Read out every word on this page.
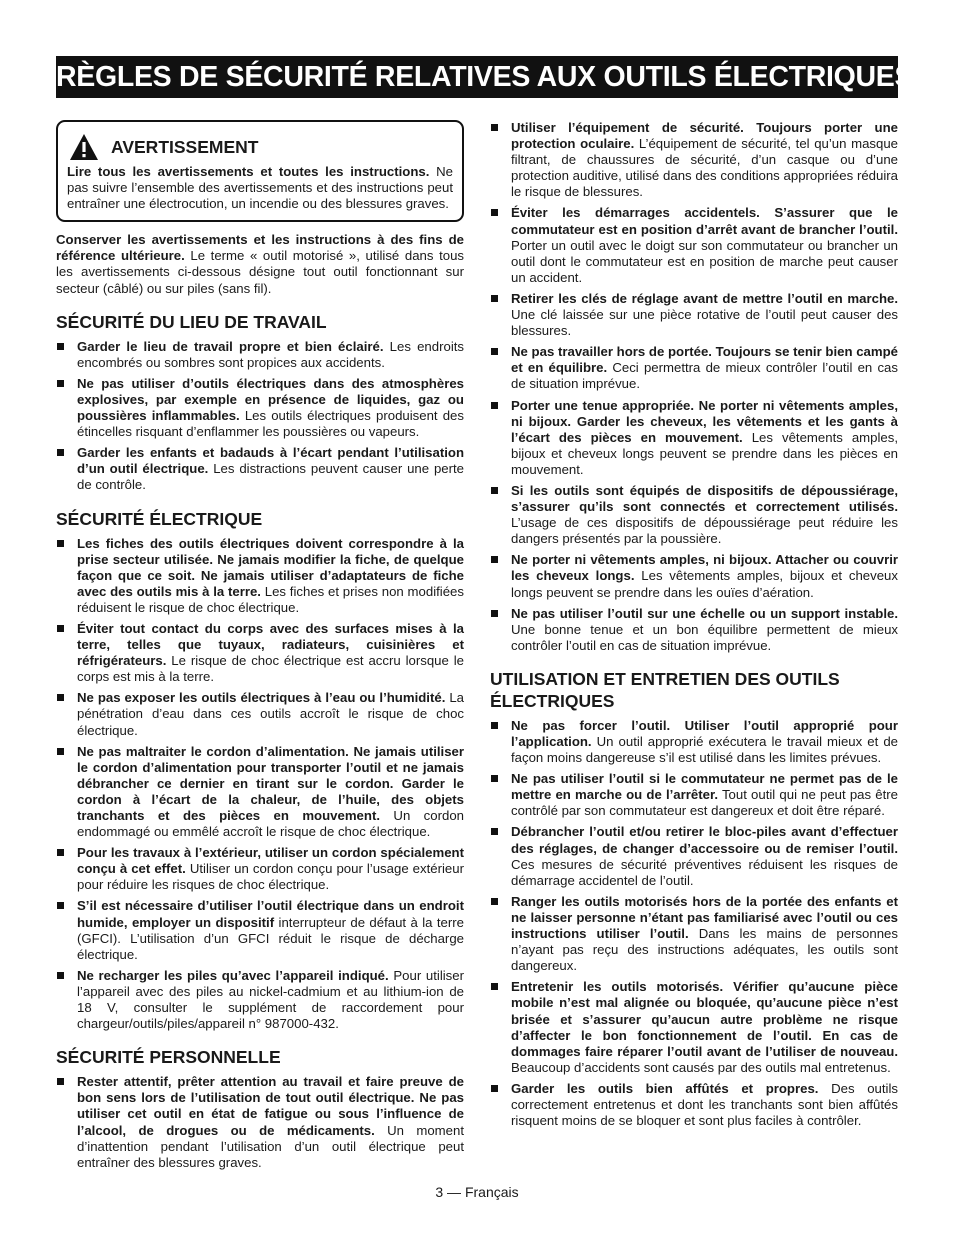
RÈGLES DE SÉCURITÉ RELATIVES AUX OUTILS ÉLECTRIQUES
AVERTISSEMENT

Lire tous les avertissements et toutes les instructions. Ne pas suivre l’ensemble des avertissements et des instructions peut entraîner une électrocution, un incendie ou des blessures graves.

Conserver les avertissements et les instructions à des fins de référence ultérieure. Le terme « outil motorisé », utilisé dans tous les avertissements ci-dessous désigne tout outil fonctionnant sur secteur (câblé) ou sur piles (sans fil).

SÉCURITÉ DU LIEU DE TRAVAIL
Garder le lieu de travail propre et bien éclairé. Les endroits encombrés ou sombres sont propices aux accidents.
Ne pas utiliser d’outils électriques dans des atmosphères explosives, par exemple en présence de liquides, gaz ou poussières inflammables. Les outils électriques produisent des étincelles risquant d’enflammer les poussières ou vapeurs.
Garder les enfants et badauds à l’écart pendant l’utilisation d’un outil électrique. Les distractions peuvent causer une perte de contrôle.
SÉCURITÉ ÉLECTRIQUE
Les fiches des outils électriques doivent correspondre à la prise secteur utilisée. Ne jamais modifier la fiche, de quelque façon que ce soit. Ne jamais utiliser d’adaptateurs de fiche avec des outils mis à la terre. Les fiches et prises non modifiées réduisent le risque de choc électrique.
Éviter tout contact du corps avec des surfaces mises à la terre, telles que tuyaux, radiateurs, cuisinières et réfrigérateurs. Le risque de choc électrique est accru lorsque le corps est mis à la terre.
Ne pas exposer les outils électriques à l’eau ou l’humidité. La pénétration d’eau dans ces outils accroît le risque de choc électrique.
Ne pas maltraiter le cordon d’alimentation. Ne jamais utiliser le cordon d’alimentation pour transporter l’outil et ne jamais débrancher ce dernier en tirant sur le cordon. Garder le cordon à l’écart de la chaleur, de l’huile, des objets tranchants et des pièces en mouvement. Un cordon endommagé ou emmêlé accroît le risque de choc électrique.
Pour les travaux à l’extérieur, utiliser un cordon spécialement conçu à cet effet. Utiliser un cordon conçu pour l’usage extérieur pour réduire les risques de choc électrique.
S’il est nécessaire d’utiliser l’outil électrique dans un endroit humide, employer un dispositif interrupteur de défaut à la terre (GFCI). L’utilisation d’un GFCI réduit le risque de décharge électrique.
Ne recharger les piles qu’avec l’appareil indiqué. Pour utiliser l’appareil avec des piles au nickel-cadmium et au lithium-ion de 18 V, consulter le supplément de raccordement pour chargeur/outils/piles/appareil n° 987000-432.
SÉCURITÉ PERSONNELLE
Rester attentif, prêter attention au travail et faire preuve de bon sens lors de l’utilisation de tout outil électrique. Ne pas utiliser cet outil en état de fatigue ou sous l’influence de l’alcool, de drogues ou de médicaments. Un moment d’inattention pendant l’utilisation d’un outil électrique peut entraîner des blessures graves.
Utiliser l’équipement de sécurité. Toujours porter une protection oculaire. L’équipement de sécurité, tel qu’un masque filtrant, de chaussures de sécurité, d’un casque ou d’une protection auditive, utilisé dans des conditions appropriées réduira le risque de blessures.
Éviter les démarrages accidentels. S’assurer que le commutateur est en position d’arrêt avant de brancher l’outil. Porter un outil avec le doigt sur son commutateur ou brancher un outil dont le commutateur est en position de marche peut causer un accident.
Retirer les clés de réglage avant de mettre l’outil en marche. Une clé laissée sur une pièce rotative de l’outil peut causer des blessures.
Ne pas travailler hors de portée. Toujours se tenir bien campé et en équilibre. Ceci permettra de mieux contrôler l’outil en cas de situation imprévue.
Porter une tenue appropriée. Ne porter ni vêtements amples, ni bijoux. Garder les cheveux, les vêtements et les gants à l’écart des pièces en mouvement. Les vêtements amples, bijoux et cheveux longs peuvent se prendre dans les pièces en mouvement.
Si les outils sont équipés de dispositifs de dépoussiérage, s’assurer qu’ils sont connectés et correctement utilisés. L’usage de ces dispositifs de dépoussiérage peut réduire les dangers présentés par la poussière.
Ne porter ni vêtements amples, ni bijoux. Attacher ou couvrir les cheveux longs. Les vêtements amples, bijoux et cheveux longs peuvent se prendre dans les ouïes d’aération.
Ne pas utiliser l’outil sur une échelle ou un support instable. Une bonne tenue et un bon équilibre permettent de mieux contrôler l’outil en cas de situation imprévue.
UTILISATION ET ENTRETIEN DES OUTILS ÉLECTRIQUES
Ne pas forcer l’outil. Utiliser l’outil approprié pour l’application. Un outil approprié exécutera le travail mieux et de façon moins dangereuse s’il est utilisé dans les limites prévues.
Ne pas utiliser l’outil si le commutateur ne permet pas de le mettre en marche ou de l’arrêter. Tout outil qui ne peut pas être contrôlé par son commutateur est dangereux et doit être réparé.
Débrancher l’outil et/ou retirer le bloc-piles avant d’effectuer des réglages, de changer d’accessoire ou de remiser l’outil. Ces mesures de sécurité préventives réduisent les risques de démarrage accidentel de l’outil.
Ranger les outils motorisés hors de la portée des enfants et ne laisser personne n’étant pas familiarisé avec l’outil ou ces instructions utiliser l’outil. Dans les mains de personnes n’ayant pas reçu des instructions adéquates, les outils sont dangereux.
Entretenir les outils motorisés. Vérifier qu’aucune pièce mobile n’est mal alignée ou bloquée, qu’aucune pièce n’est brisée et s’assurer qu’aucun autre problème ne risque d’affecter le bon fonctionnement de l’outil. En cas de dommages faire réparer l’outil avant de l’utiliser de nouveau. Beaucoup d’accidents sont causés par des outils mal entretenus.
Garder les outils bien affûtés et propres. Des outils correctement entretenus et dont les tranchants sont bien affûtés risquent moins de se bloquer et sont plus faciles à contrôler.
3 — Français
